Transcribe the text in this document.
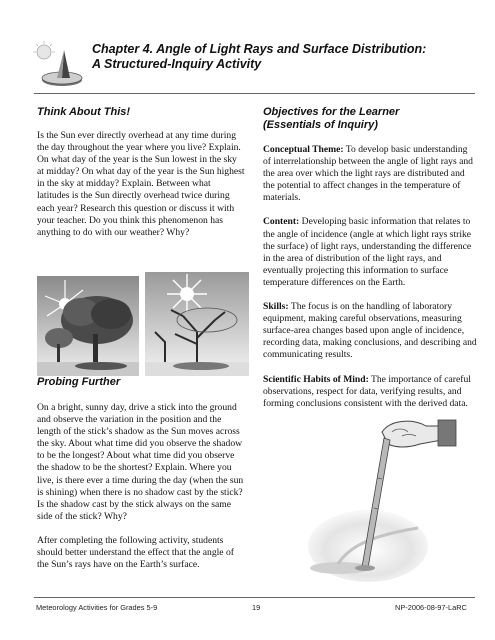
Chapter 4. Angle of Light Rays and Surface Distribution:
A Structured-Inquiry Activity

Think About This!

Is the Sun ever directly overhead at any time during the day throughout the year where you live? Explain. On what day of the year is the Sun lowest in the sky at midday? On what day of the year is the Sun highest in the sky at midday? Explain. Between what latitudes is the Sun directly overhead twice during each year? Research this question or discuss it with your teacher. Do you think this phenomenon has anything to do with our weather? Why?

Probing Further

On a bright, sunny day, drive a stick into the ground and observe the variation in the position and the length of the stick’s shadow as the Sun moves across the sky. About what time did you observe the shadow to be the longest? About what time did you observe the shadow to be the shortest? Explain. Where you live, is there ever a time during the day (when the sun is shining) when there is no shadow cast by the stick? Is the shadow cast by the stick always on the same side of the stick? Why?

After completing the following activity, students should better understand the effect that the angle of the Sun’s rays have on the Earth’s surface.

Objectives for the Learner

(Essentials of Inquiry)

Conceptual Theme: To develop basic understanding of interrelationship between the angle of light rays and the area over which the light rays are distributed and the potential to affect changes in the temperature of materials.

Content: Developing basic information that relates to the angle of incidence (angle at which light rays strike the surface) of light rays, understanding the difference in the area of distribution of the light rays, and eventually projecting this information to surface temperature differences on the Earth.

Skills: The focus is on the handling of laboratory equipment, making careful observations, measuring surface-area changes based upon angle of incidence, recording data, making conclusions, and describing and communicating results.

Scientific Habits of Mind: The importance of careful observations, respect for data, verifying results, and forming conclusions consistent with the derived data.

Meteorology Activities for Grades 5-9	19	NP-2006-08-97-LaRC
